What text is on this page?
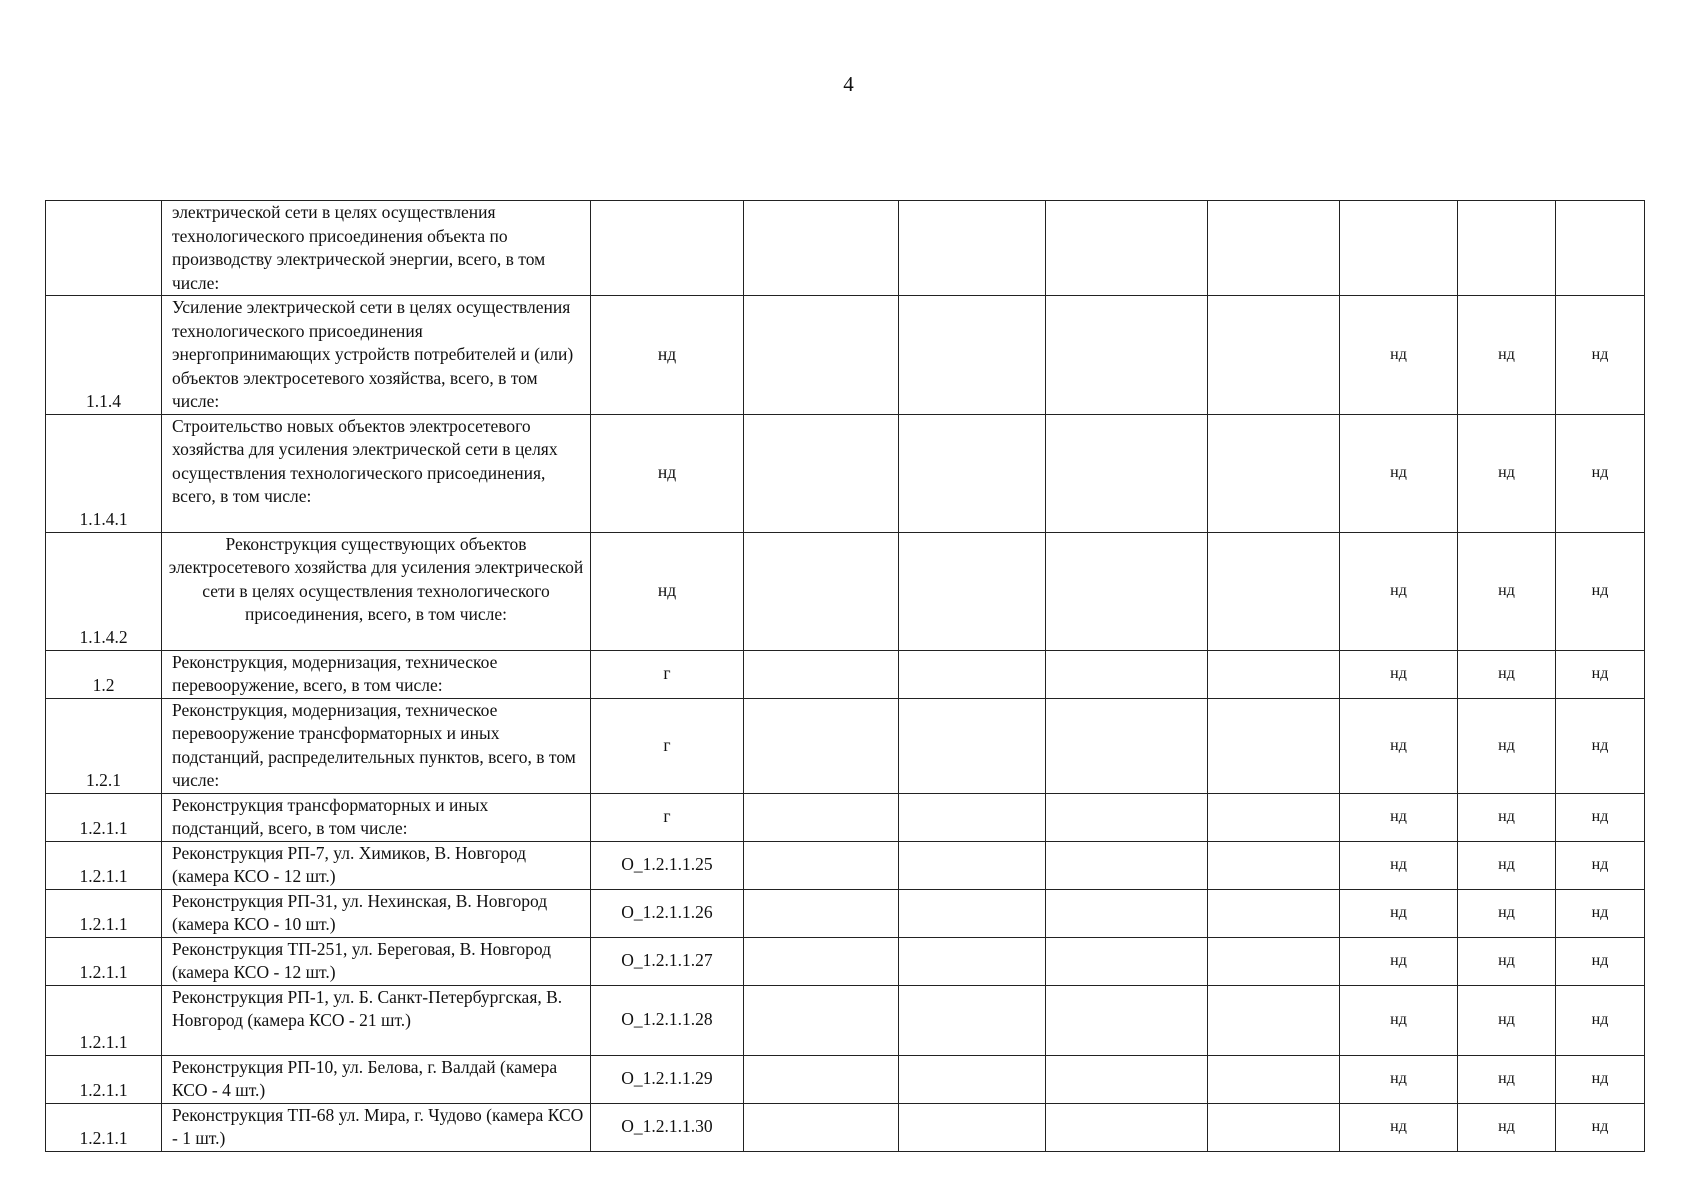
4
	электрической сети в целях осуществления технологического присоединения объекта по производству электрической энергии, всего, в том числе:								
1.1.4	Усиление электрической сети в целях осуществления технологического присоединения энергопринимающих устройств потребителей и (или) объектов электросетевого хозяйства, всего, в том числе:	нд					нд	нд	нд
1.1.4.1	Строительство новых объектов электросетевого хозяйства для усиления электрической сети в целях осуществления технологического присоединения, всего, в том числе:	нд					нд	нд	нд
1.1.4.2	Реконструкция существующих объектов электросетевого хозяйства для усиления электрической сети в целях осуществления технологического присоединения, всего, в том числе:	нд					нд	нд	нд
1.2	Реконструкция, модернизация, техническое перевооружение, всего, в том числе:	г					нд	нд	нд
1.2.1	Реконструкция, модернизация, техническое перевооружение трансформаторных и иных подстанций, распределительных пунктов, всего, в том числе:	г					нд	нд	нд
1.2.1.1	Реконструкция трансформаторных и иных подстанций, всего, в том числе:	г					нд	нд	нд
1.2.1.1	Реконструкция РП-7, ул. Химиков, В. Новгород (камера КСО - 12 шт.)	O_1.2.1.1.25					нд	нд	нд
1.2.1.1	Реконструкция РП-31, ул. Нехинская, В. Новгород (камера КСО - 10 шт.)	O_1.2.1.1.26					нд	нд	нд
1.2.1.1	Реконструкция ТП-251, ул. Береговая, В. Новгород (камера КСО - 12 шт.)	O_1.2.1.1.27					нд	нд	нд
1.2.1.1	Реконструкция РП-1, ул. Б. Санкт-Петербургская, В. Новгород (камера КСО - 21 шт.)	O_1.2.1.1.28					нд	нд	нд
1.2.1.1	Реконструкция РП-10, ул. Белова, г. Валдай (камера КСО - 4 шт.)	O_1.2.1.1.29					нд	нд	нд
1.2.1.1	Реконструкция ТП-68 ул. Мира, г. Чудово (камера КСО - 1 шт.)	O_1.2.1.1.30					нд	нд	нд
